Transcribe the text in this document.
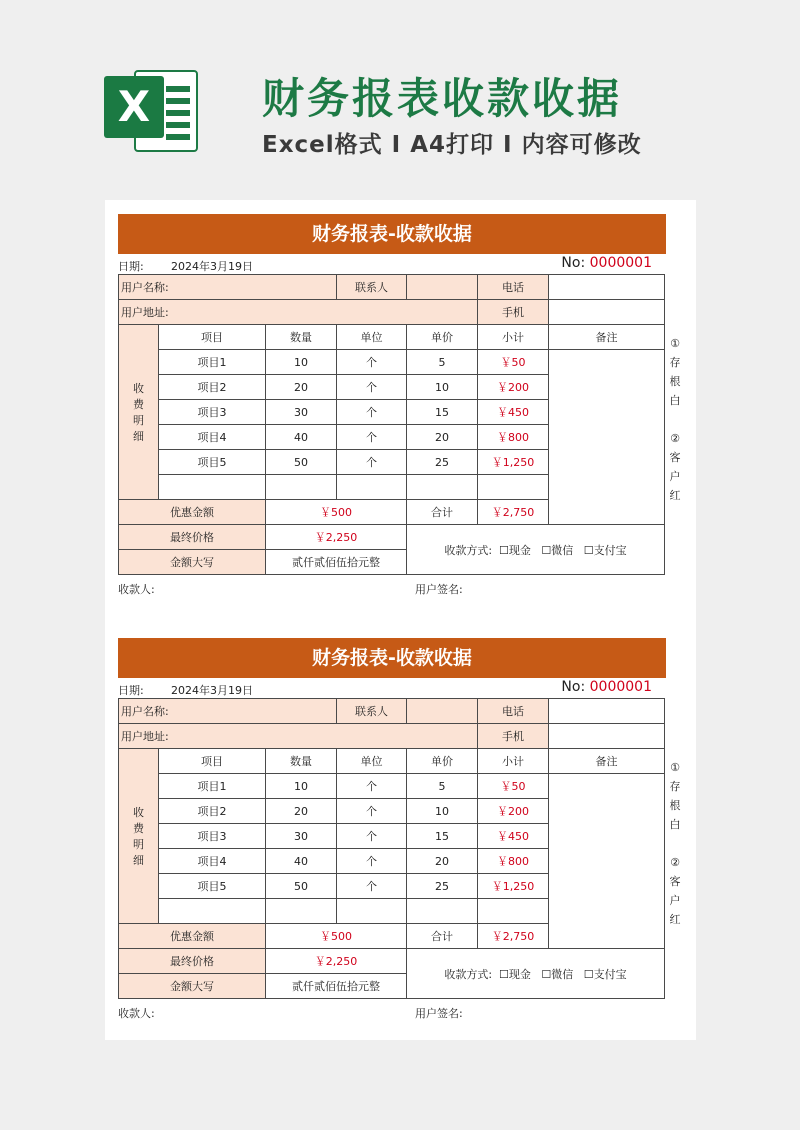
X	财务报表收款收据
Excel格式 I A4打印 I 内容可修改
财务报表-收款收据
日期: 2024年3月19日	No: 0000001
用户名称:			联系人		电话	
用户地址:					手机	

收
费
明
细	项目	数量	单位	单价	小计	备注
	项目1	10	个	5	￥50	
	项目2	20	个	10	￥200	
	项目3	30	个	15	￥450	
	项目4	40	个	20	￥800	
	项目5	50	个	25	￥1,250	

优惠金额		￥500		合计	￥2,750	
最终价格		￥2,250		收款方式: ☐现金 ☐微信 ☐支付宝		
金额大写		贰仟贰佰伍拾元整				
收款人:	用户签名:
①
存
根
白
②
客
户
红
财务报表-收款收据
日期: 2024年3月19日	No: 0000001
用户名称:			联系人		电话	
用户地址:					手机	

收
费
明
细	项目	数量	单位	单价	小计	备注
	项目1	10	个	5	￥50	
	项目2	20	个	10	￥200	
	项目3	30	个	15	￥450	
	项目4	40	个	20	￥800	
	项目5	50	个	25	￥1,250	

优惠金额		￥500		合计	￥2,750	
最终价格		￥2,250		收款方式: ☐现金 ☐微信 ☐支付宝		
金额大写		贰仟贰佰伍拾元整				
收款人:	用户签名:
①
存
根
白
②
客
户
红
